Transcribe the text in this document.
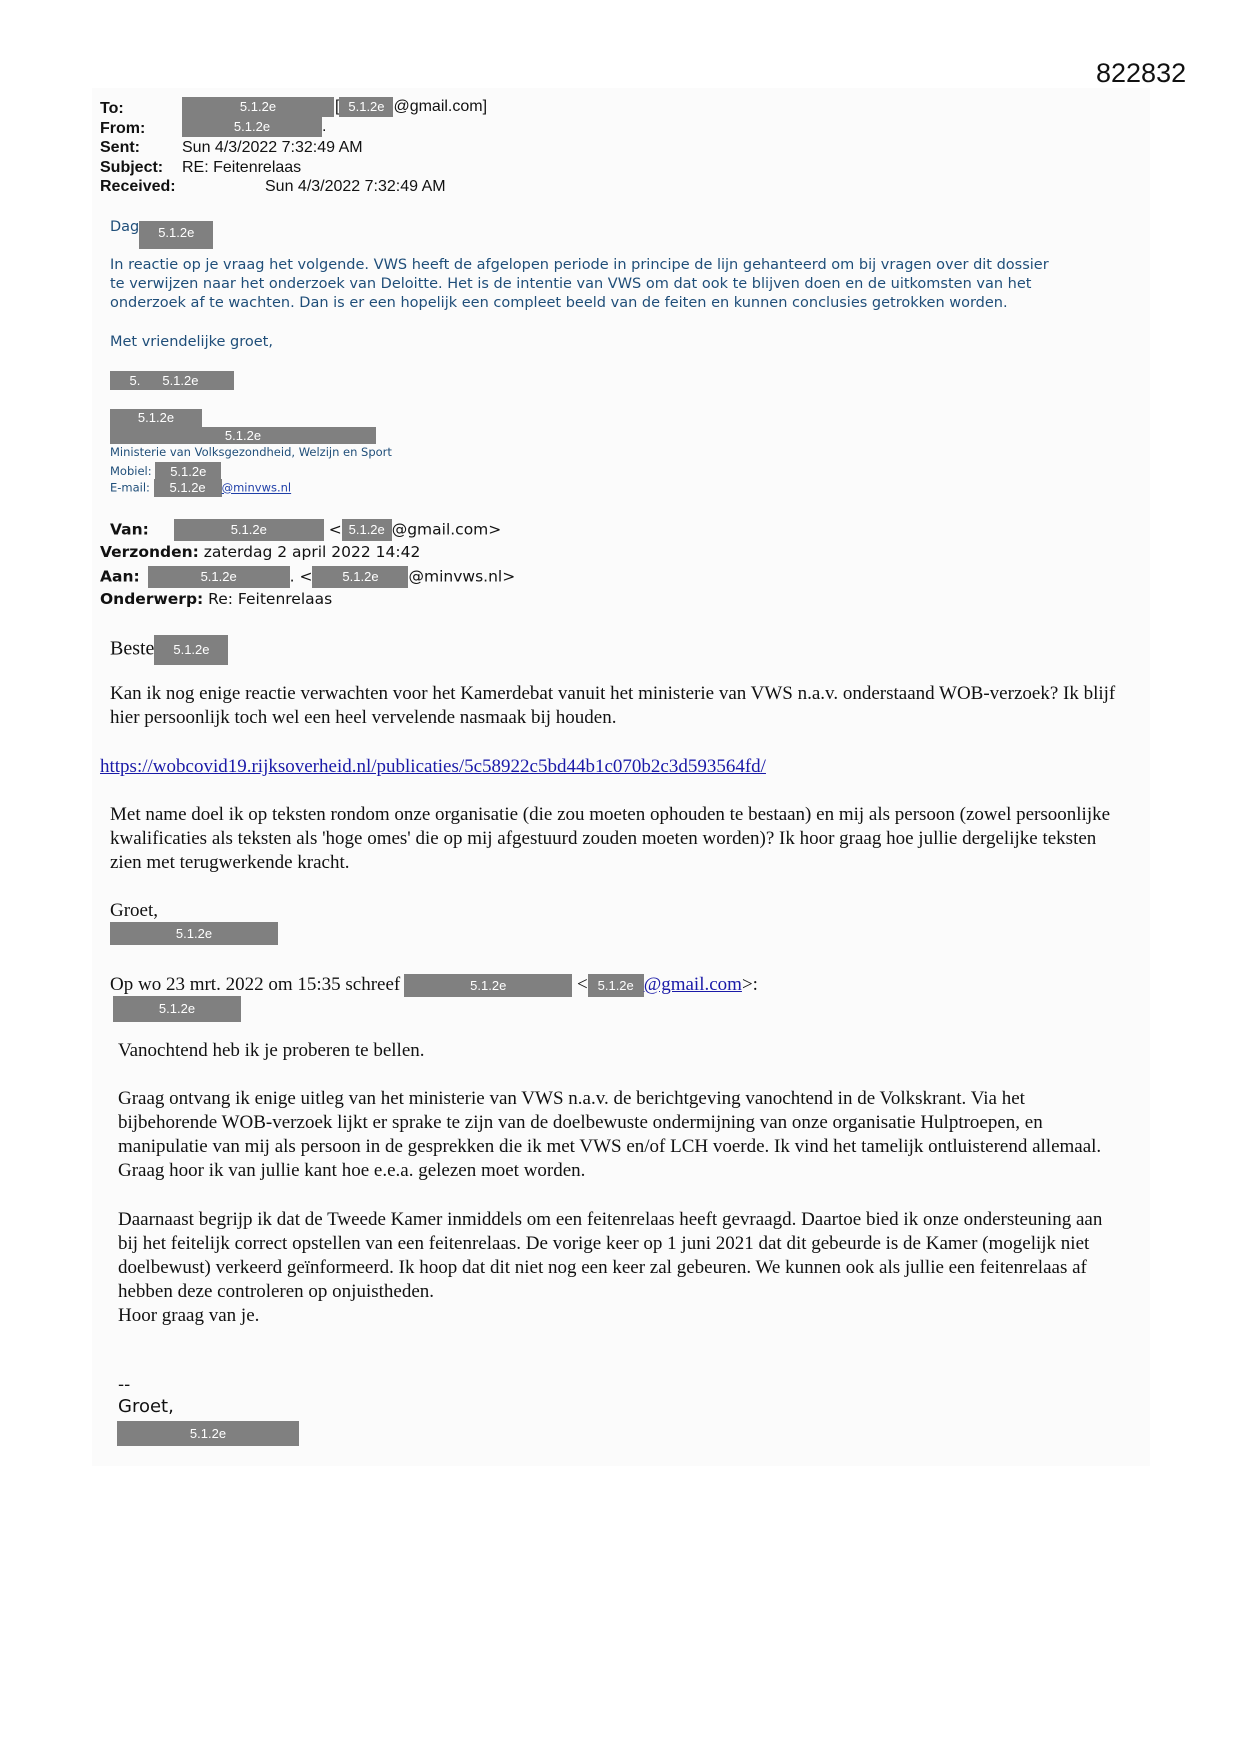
822832
To:	5.1.2e	[ 5.1.2e @gmail.com]
From:	5.1.2e	.
Sent:	Sun 4/3/2022 7:32:49 AM
Subject: RE: Feitenrelaas
Received:	Sun 4/3/2022 7:32:49 AM
Dag 5.1.2e
In reactie op je vraag het volgende. VWS heeft de afgelopen periode in principe de lijn gehanteerd om bij vragen over dit dossier
te verwijzen naar het onderzoek van Deloitte. Het is de intentie van VWS om dat ook te blijven doen en de uitkomsten van het
onderzoek af te wachten. Dan is er een hopelijk een compleet beeld van de feiten en kunnen conclusies getrokken worden.
Met vriendelijke groet,
5. 5.1.2e
5.1.2e
5.1.2e
Ministerie van Volksgezondheid, Welzijn en Sport
Mobiel: 5.1.2e
E-mail: 5.1.2e @minvws.nl
Van:	5.1.2e	< 5.1.2e @gmail.com>
Verzonden: zaterdag 2 april 2022 14:42
Aan:	5.1.2e	. < 5.1.2e @minvws.nl>
Onderwerp: Re: Feitenrelaas
Beste 5.1.2e
Kan ik nog enige reactie verwachten voor het Kamerdebat vanuit het ministerie van VWS n.a.v. onderstaand WOB-verzoek? Ik blijf hier persoonlijk toch wel een heel vervelende nasmaak bij houden.
https://wobcovid19.rijksoverheid.nl/publicaties/5c58922c5bd44b1c070b2c3d593564fd/
Met name doel ik op teksten rondom onze organisatie (die zou moeten ophouden te bestaan) en mij als persoon (zowel persoonlijke kwalificaties als teksten als 'hoge omes' die op mij afgestuurd zouden moeten worden)? Ik hoor graag hoe jullie dergelijke teksten zien met terugwerkende kracht.
Groet,
5.1.2e
Op wo 23 mrt. 2022 om 15:35 schreef	5.1.2e	< 5.1.2e @gmail.com>:
5.1.2e
Vanochtend heb ik je proberen te bellen.
Graag ontvang ik enige uitleg van het ministerie van VWS n.a.v. de berichtgeving vanochtend in de Volkskrant. Via het bijbehorende WOB-verzoek lijkt er sprake te zijn van de doelbewuste ondermijning van onze organisatie Hulptroepen, en manipulatie van mij als persoon in de gesprekken die ik met VWS en/of LCH voerde. Ik vind het tamelijk ontluisterend allemaal. Graag hoor ik van jullie kant hoe e.e.a. gelezen moet worden.
Daarnaast begrijp ik dat de Tweede Kamer inmiddels om een feitenrelaas heeft gevraagd. Daartoe bied ik onze ondersteuning aan bij het feitelijk correct opstellen van een feitenrelaas. De vorige keer op 1 juni 2021 dat dit gebeurde is de Kamer (mogelijk niet doelbewust) verkeerd geïnformeerd. Ik hoop dat dit niet nog een keer zal gebeuren. We kunnen ook als jullie een feitenrelaas af hebben deze controleren op onjuistheden.
Hoor graag van je.
--
Groet,
5.1.2e
